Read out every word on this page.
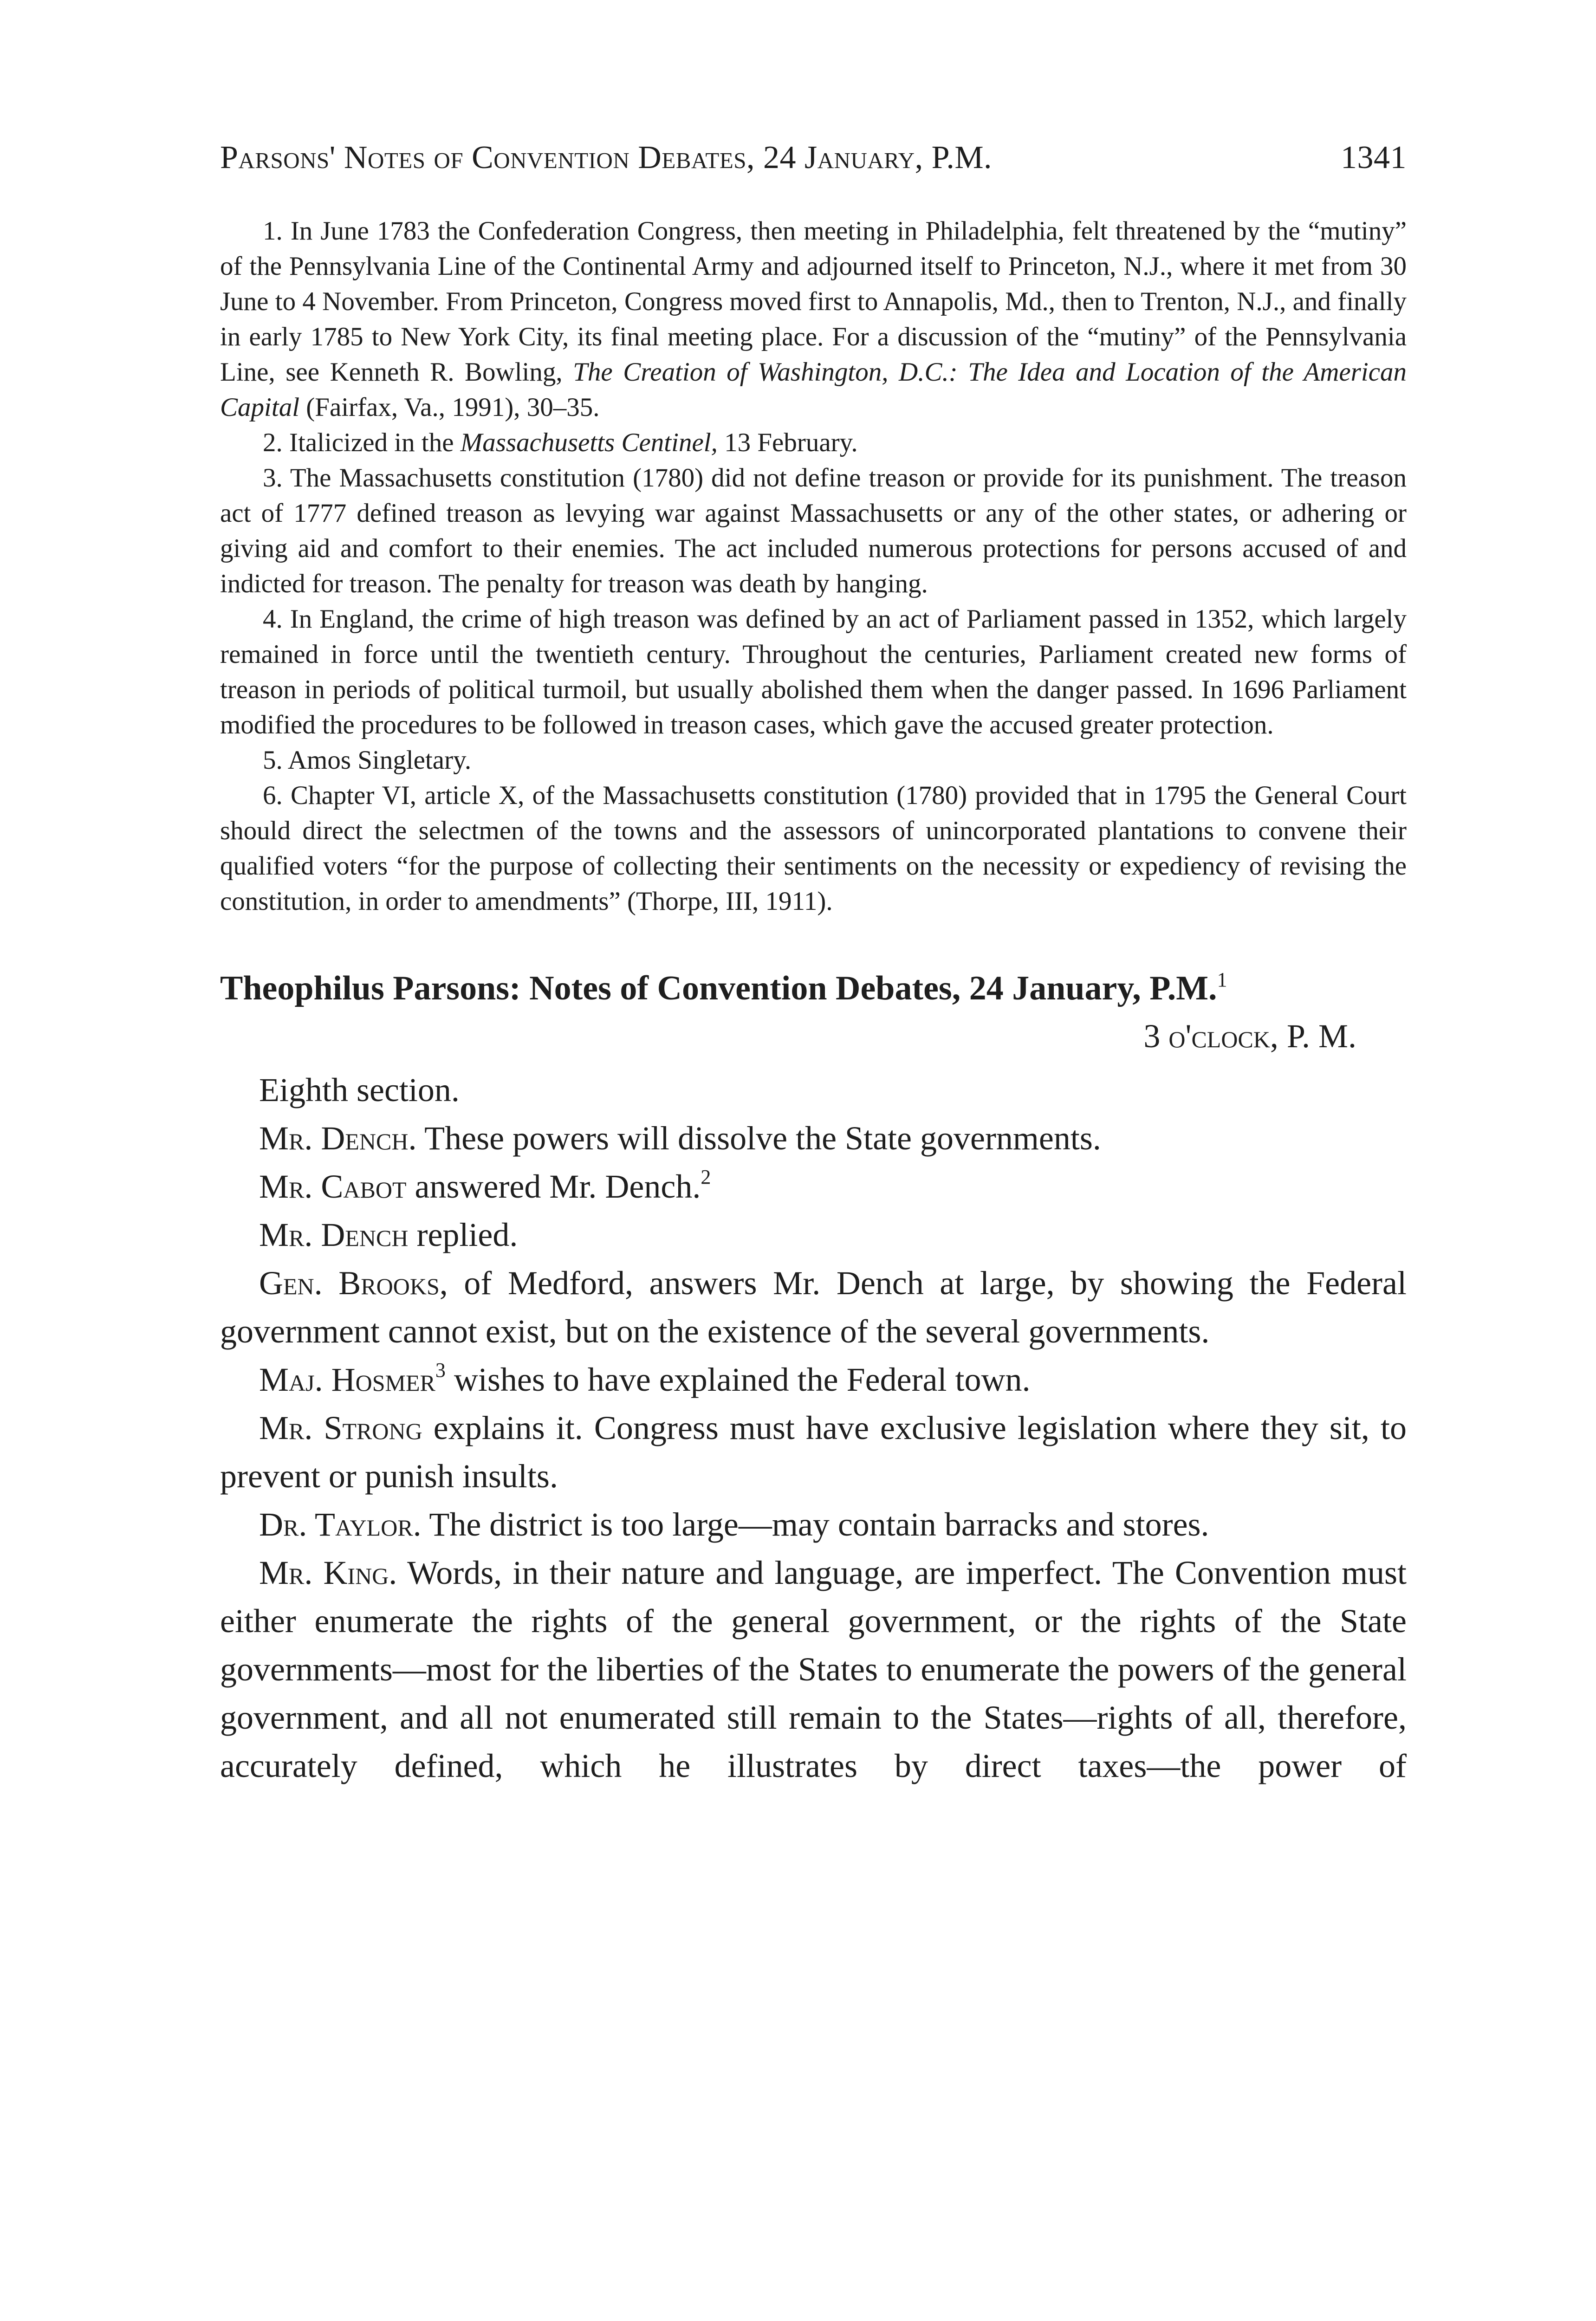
Parsons' Notes of Convention Debates, 24 January, P.M.	1341

1. In June 1783 the Confederation Congress, then meeting in Philadelphia, felt threatened by the “mutiny” of the Pennsylvania Line of the Continental Army and adjourned itself to Princeton, N.J., where it met from 30 June to 4 November. From Princeton, Congress moved first to Annapolis, Md., then to Trenton, N.J., and finally in early 1785 to New York City, its final meeting place. For a discussion of the “mutiny” of the Pennsylvania Line, see Kenneth R. Bowling, The Creation of Washington, D.C.: The Idea and Location of the American Capital (Fairfax, Va., 1991), 30–35.

2. Italicized in the Massachusetts Centinel, 13 February.

3. The Massachusetts constitution (1780) did not define treason or provide for its punishment. The treason act of 1777 defined treason as levying war against Massachusetts or any of the other states, or adhering or giving aid and comfort to their enemies. The act included numerous protections for persons accused of and indicted for treason. The penalty for treason was death by hanging.

4. In England, the crime of high treason was defined by an act of Parliament passed in 1352, which largely remained in force until the twentieth century. Throughout the centuries, Parliament created new forms of treason in periods of political turmoil, but usually abolished them when the danger passed. In 1696 Parliament modified the procedures to be followed in treason cases, which gave the accused greater protection.

5. Amos Singletary.

6. Chapter VI, article X, of the Massachusetts constitution (1780) provided that in 1795 the General Court should direct the selectmen of the towns and the assessors of unincorporated plantations to convene their qualified voters “for the purpose of collecting their sentiments on the necessity or expediency of revising the constitution, in order to amendments” (Thorpe, III, 1911).

Theophilus Parsons: Notes of Convention Debates, 24 January, P.M.$^1$
3 o'clock, P. M.

Eighth section.

Mr. Dench. These powers will dissolve the State governments.

Mr. Cabot answered Mr. Dench.$^2$

Mr. Dench replied.

Gen. Brooks, of Medford, answers Mr. Dench at large, by showing the Federal government cannot exist, but on the existence of the several governments.

Maj. Hosmer$^3$ wishes to have explained the Federal town.

Mr. Strong explains it. Congress must have exclusive legislation where they sit, to prevent or punish insults.

Dr. Taylor. The district is too large—may contain barracks and stores.

Mr. King. Words, in their nature and language, are imperfect. The Convention must either enumerate the rights of the general government, or the rights of the State governments—most for the liberties of the States to enumerate the powers of the general government, and all not enumerated still remain to the States—rights of all, therefore, accurately defined, which he illustrates by direct taxes—the power of
